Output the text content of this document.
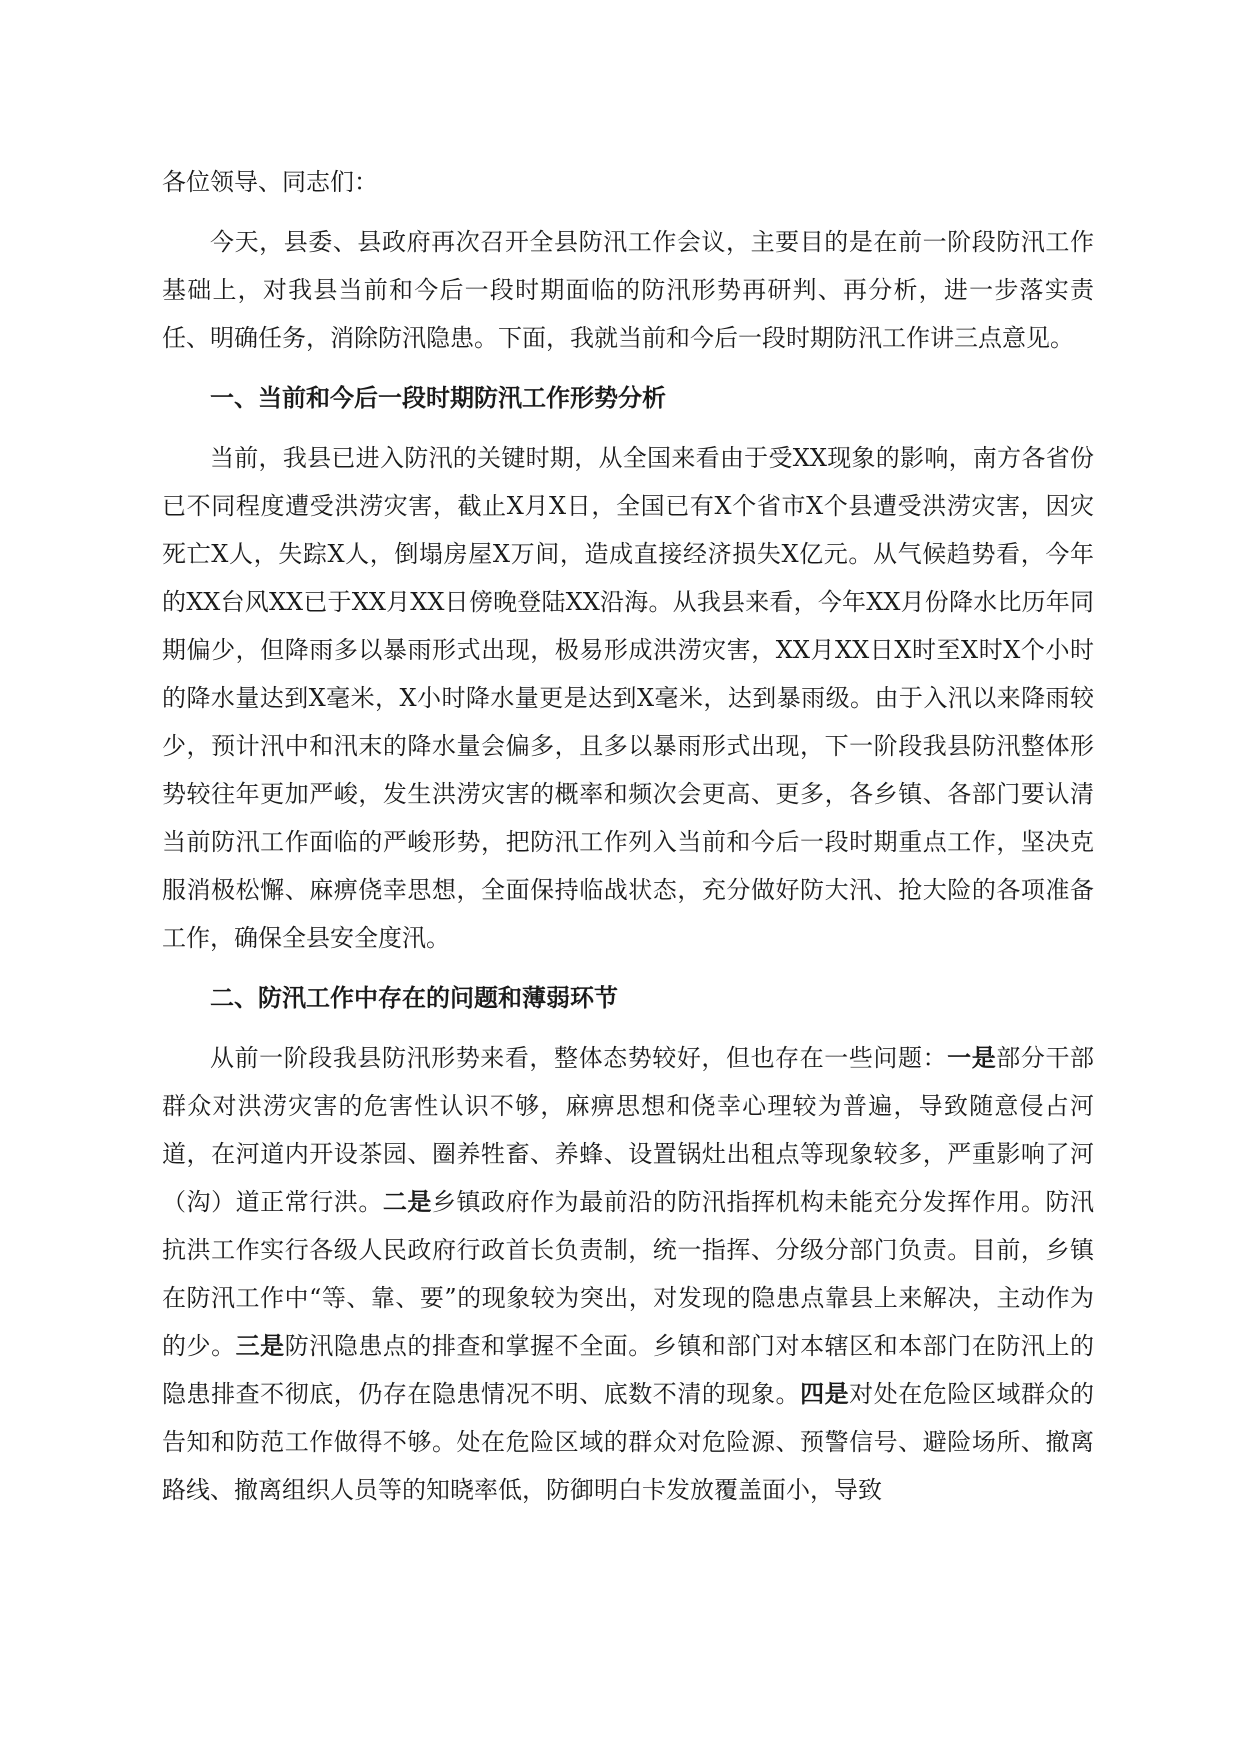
各位领导、同志们：

今天，县委、县政府再次召开全县防汛工作会议，主要目的是在前一阶段防汛工作基础上，对我县当前和今后一段时期面临的防汛形势再研判、再分析，进一步落实责任、明确任务，消除防汛隐患。下面，我就当前和今后一段时期防汛工作讲三点意见。

一、当前和今后一段时期防汛工作形势分析

当前，我县已进入防汛的关键时期，从全国来看由于受XX现象的影响，南方各省份已不同程度遭受洪涝灾害，截止X月X日，全国已有X个省市X个县遭受洪涝灾害，因灾死亡X人，失踪X人，倒塌房屋X万间，造成直接经济损失X亿元。从气候趋势看，今年的XX台风XX已于XX月XX日傍晚登陆XX沿海。从我县来看，今年XX月份降水比历年同期偏少，但降雨多以暴雨形式出现，极易形成洪涝灾害，XX月XX日X时至X时X个小时的降水量达到X毫米，X小时降水量更是达到X毫米，达到暴雨级。由于入汛以来降雨较少，预计汛中和汛末的降水量会偏多，且多以暴雨形式出现，下一阶段我县防汛整体形势较往年更加严峻，发生洪涝灾害的概率和频次会更高、更多，各乡镇、各部门要认清当前防汛工作面临的严峻形势，把防汛工作列入当前和今后一段时期重点工作，坚决克服消极松懈、麻痹侥幸思想，全面保持临战状态，充分做好防大汛、抢大险的各项准备工作，确保全县安全度汛。

二、防汛工作中存在的问题和薄弱环节

从前一阶段我县防汛形势来看，整体态势较好，但也存在一些问题：一是部分干部群众对洪涝灾害的危害性认识不够，麻痹思想和侥幸心理较为普遍，导致随意侵占河道，在河道内开设茶园、圈养牲畜、养蜂、设置锅灶出租点等现象较多，严重影响了河（沟）道正常行洪。二是乡镇政府作为最前沿的防汛指挥机构未能充分发挥作用。防汛抗洪工作实行各级人民政府行政首长负责制，统一指挥、分级分部门负责。目前，乡镇在防汛工作中“等、靠、要”的现象较为突出，对发现的隐患点靠县上来解决，主动作为的少。三是防汛隐患点的排查和掌握不全面。乡镇和部门对本辖区和本部门在防汛上的隐患排查不彻底，仍存在隐患情况不明、底数不清的现象。四是对处在危险区域群众的告知和防范工作做得不够。处在危险区域的群众对危险源、预警信号、避险场所、撤离路线、撤离组织人员等的知晓率低，防御明白卡发放覆盖面小，导致
